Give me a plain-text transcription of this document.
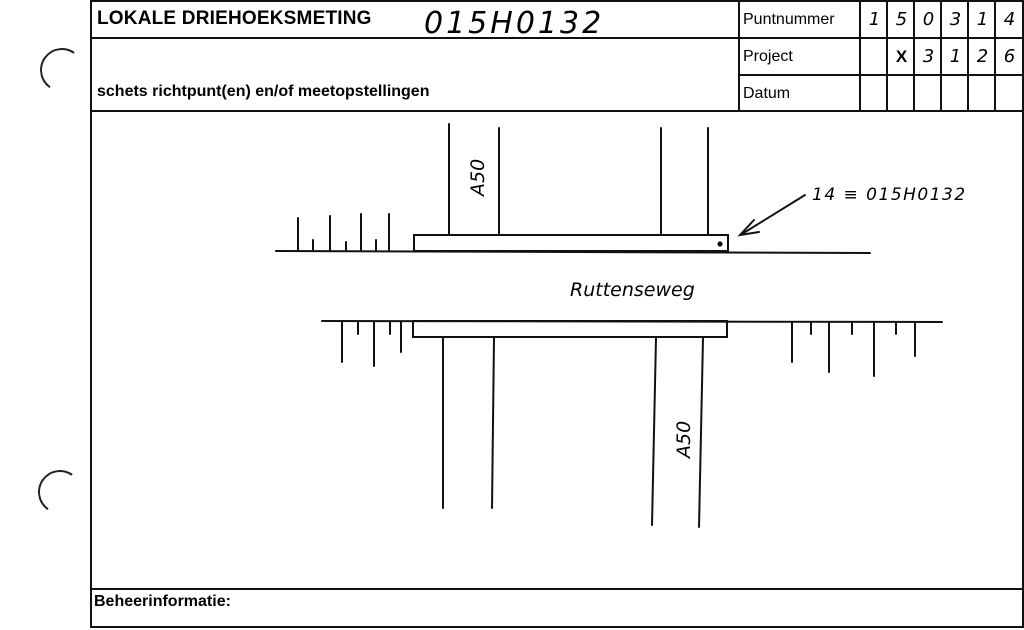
LOKALE DRIEHOEKSMETING 015H0132
schets richtpunt(en) en/of meetopstellingen
Puntnummer
Project
Datum
1 5 0 3 1 4
X 3 1 2 6
Beheerinformatie:
A50
A50
Ruttenseweg
14 ≡ 015H0132
